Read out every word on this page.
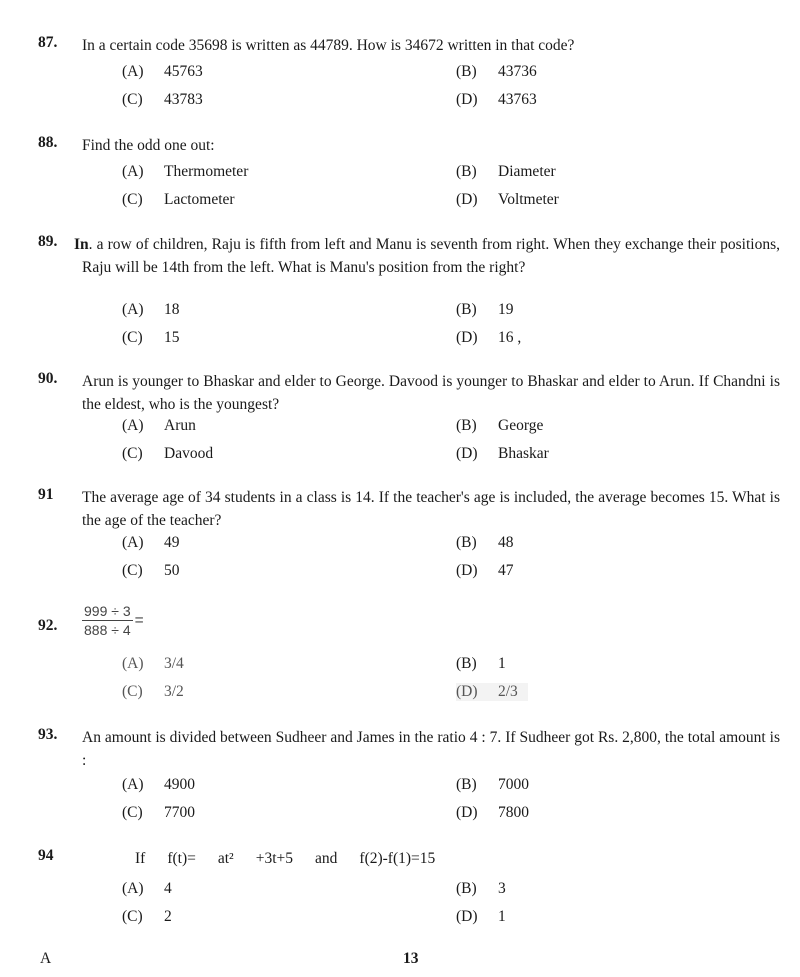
87. In a certain code 35698 is written as 44789. How is 34672 written in that code?
(A) 45763	(B) 43736
(C) 43783	(D) 43763
88. Find the odd one out:
(A) Thermometer	(B) Diameter
(C) Lactometer	(D) Voltmeter
89. In. a row of children, Raju is fifth from left and Manu is seventh from right. When they exchange their positions, Raju will be 14th from the left. What is Manu's position from the right?
(A) 18	(B) 19
(C) 15	(D) 16 ,
90. Arun is younger to Bhaskar and elder to George. Davood is younger to Bhaskar and elder to Arun. If Chandni is the eldest, who is the youngest?
(A) Arun	(B) George
(C) Davood	(D) Bhaskar
91 The average age of 34 students in a class is 14. If the teacher's age is included, the average becomes 15. What is the age of the teacher?
(A) 49	(B) 48
(C) 50	(D) 47
92. $\frac{999 \div 3}{888 \div 4}$ =
(A) 3/4	(B) 1
(C) 3/2	(D) 2/3
93. An amount is divided between Sudheer and James in the ratio 4 : 7. If Sudheer got Rs. 2,800, the total amount is :
(A) 4900	(B) 7000
(C) 7700	(D) 7800
94	If f(t)= at² +3t+5 and f(2)-f(1)=15
(A) 4	(B) 3
(C) 2	(D) 1
A	13
